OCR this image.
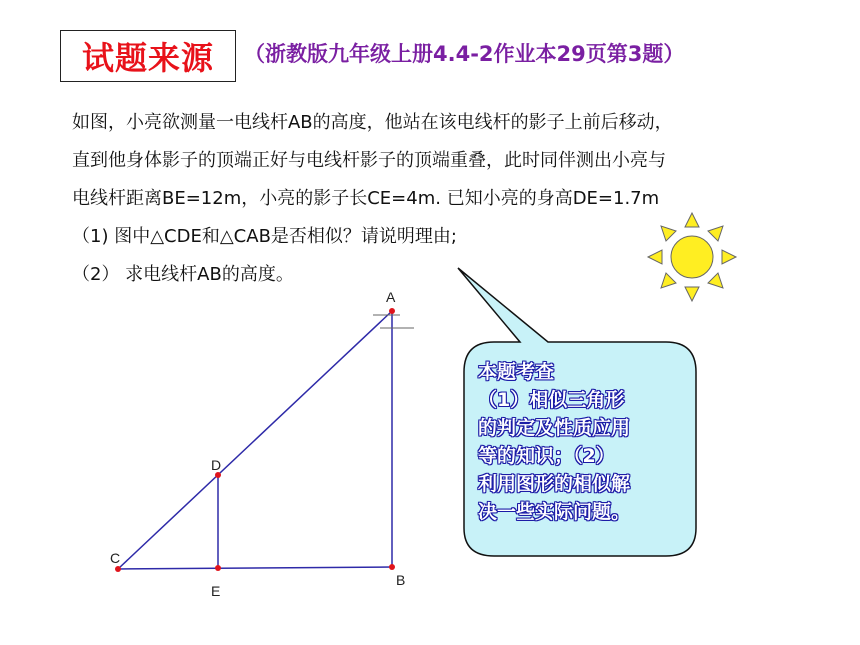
试题来源	（浙教版九年级上册4.4-2作业本29页第3题）

如图，小亮欲测量一电线杆AB的高度，他站在该电线杆的影子上前后移动，

直到他身体影子的顶端正好与电线杆影子的顶端重叠，此时同伴测出小亮与

电线杆距离BE=12m，小亮的影子长CE=4m. 已知小亮的身高DE=1.7m

（1) 图中△CDE和△CAB是否相似？请说明理由;

（2） 求电线杆AB的高度。

A
B
C
D
E
本题考查
（1）相似三角形
的判定及性质应用
等的知识；（2）
利用图形的相似解
决一些实际问题。
